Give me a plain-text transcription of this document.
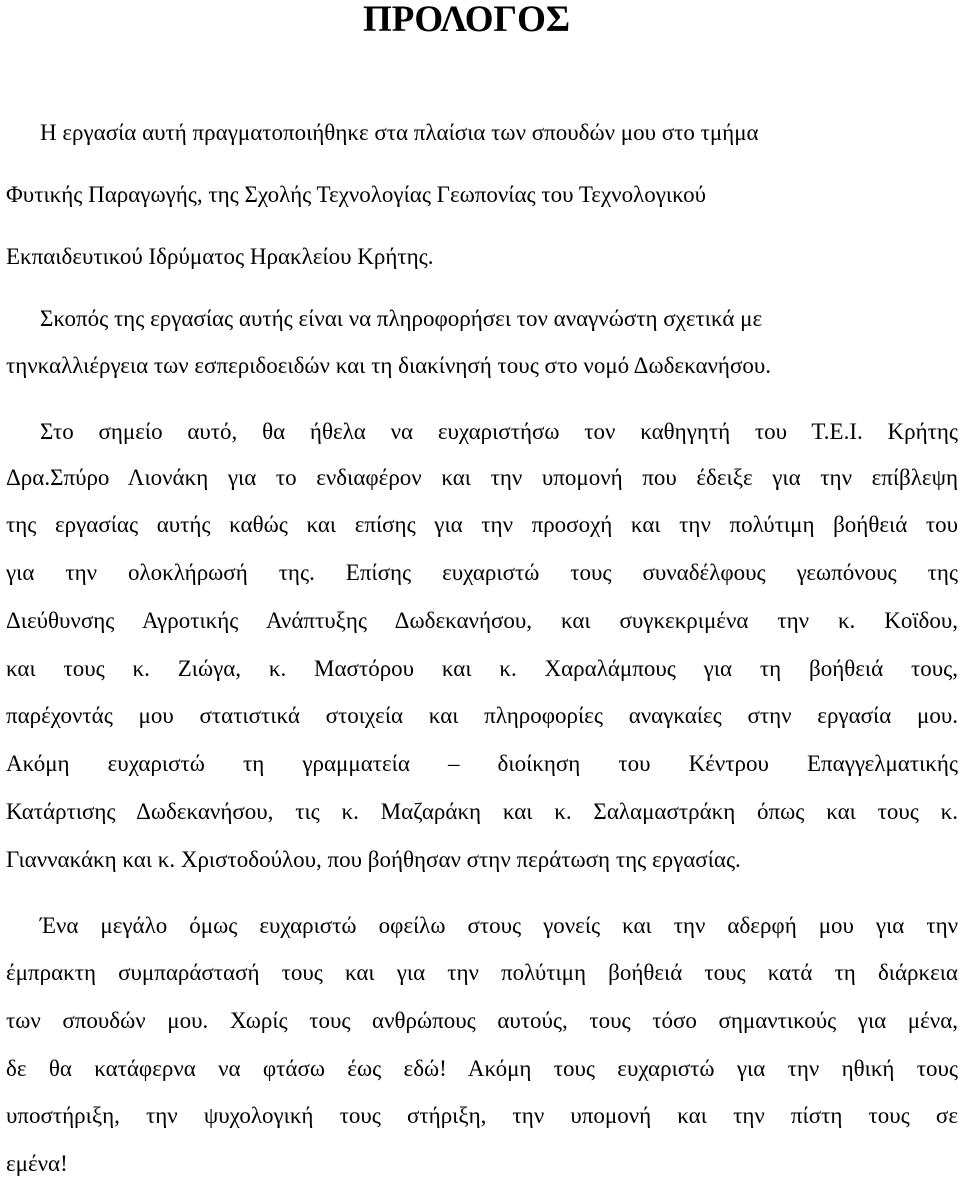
ΠΡΟΛΟΓΟΣ
Η εργασία αυτή πραγματοποιήθηκε στα πλαίσια των σπουδών μου στο τμήμα
Φυτικής Παραγωγής, της Σχολής Τεχνολογίας Γεωπονίας του Τεχνολογικού
Εκπαιδευτικού Ιδρύματος Ηρακλείου Κρήτης.
Σκοπός της εργασίας αυτής είναι να πληροφορήσει τον αναγνώστη σχετικά με
τηνκαλλιέργεια των εσπεριδοειδών και τη διακίνησή τους στο νομό Δωδεκανήσου.
Στο σημείο αυτό, θα ήθελα να ευχαριστήσω τον καθηγητή του Τ.Ε.Ι. Κρήτης
Δρα.Σπύρο Λιονάκη για το ενδιαφέρον και την υπομονή που έδειξε για την επίβλεψη
της εργασίας αυτής καθώς και επίσης για την προσοχή και την πολύτιμη βοήθειά του
για την ολοκλήρωσή της. Επίσης ευχαριστώ τους συναδέλφους γεωπόνους της
Διεύθυνσης Αγροτικής Ανάπτυξης Δωδεκανήσου, και συγκεκριμένα την κ. Κοϊδου,
και τους κ. Ζιώγα, κ. Μαστόρου και κ. Χαραλάμπους για τη βοήθειά τους,
παρέχοντάς μου στατιστικά στοιχεία και πληροφορίες αναγκαίες στην εργασία μου.
Ακόμη ευχαριστώ τη γραμματεία – διοίκηση του Κέντρου Επαγγελματικής
Κατάρτισης Δωδεκανήσου, τις κ. Μαζαράκη και κ. Σαλαμαστράκη όπως και τους κ.
Γιαννακάκη και κ. Χριστοδούλου, που βοήθησαν στην περάτωση της εργασίας.
Ένα μεγάλο όμως ευχαριστώ οφείλω στους γονείς και την αδερφή μου για την
έμπρακτη συμπαράστασή τους και για την πολύτιμη βοήθειά τους κατά τη διάρκεια
των σπουδών μου. Χωρίς τους ανθρώπους αυτούς, τους τόσο σημαντικούς για μένα,
δε θα κατάφερνα να φτάσω έως εδώ! Ακόμη τους ευχαριστώ για την ηθική τους
υποστήριξη, την ψυχολογική τους στήριξη, την υπομονή και την πίστη τους σε
εμένα!
